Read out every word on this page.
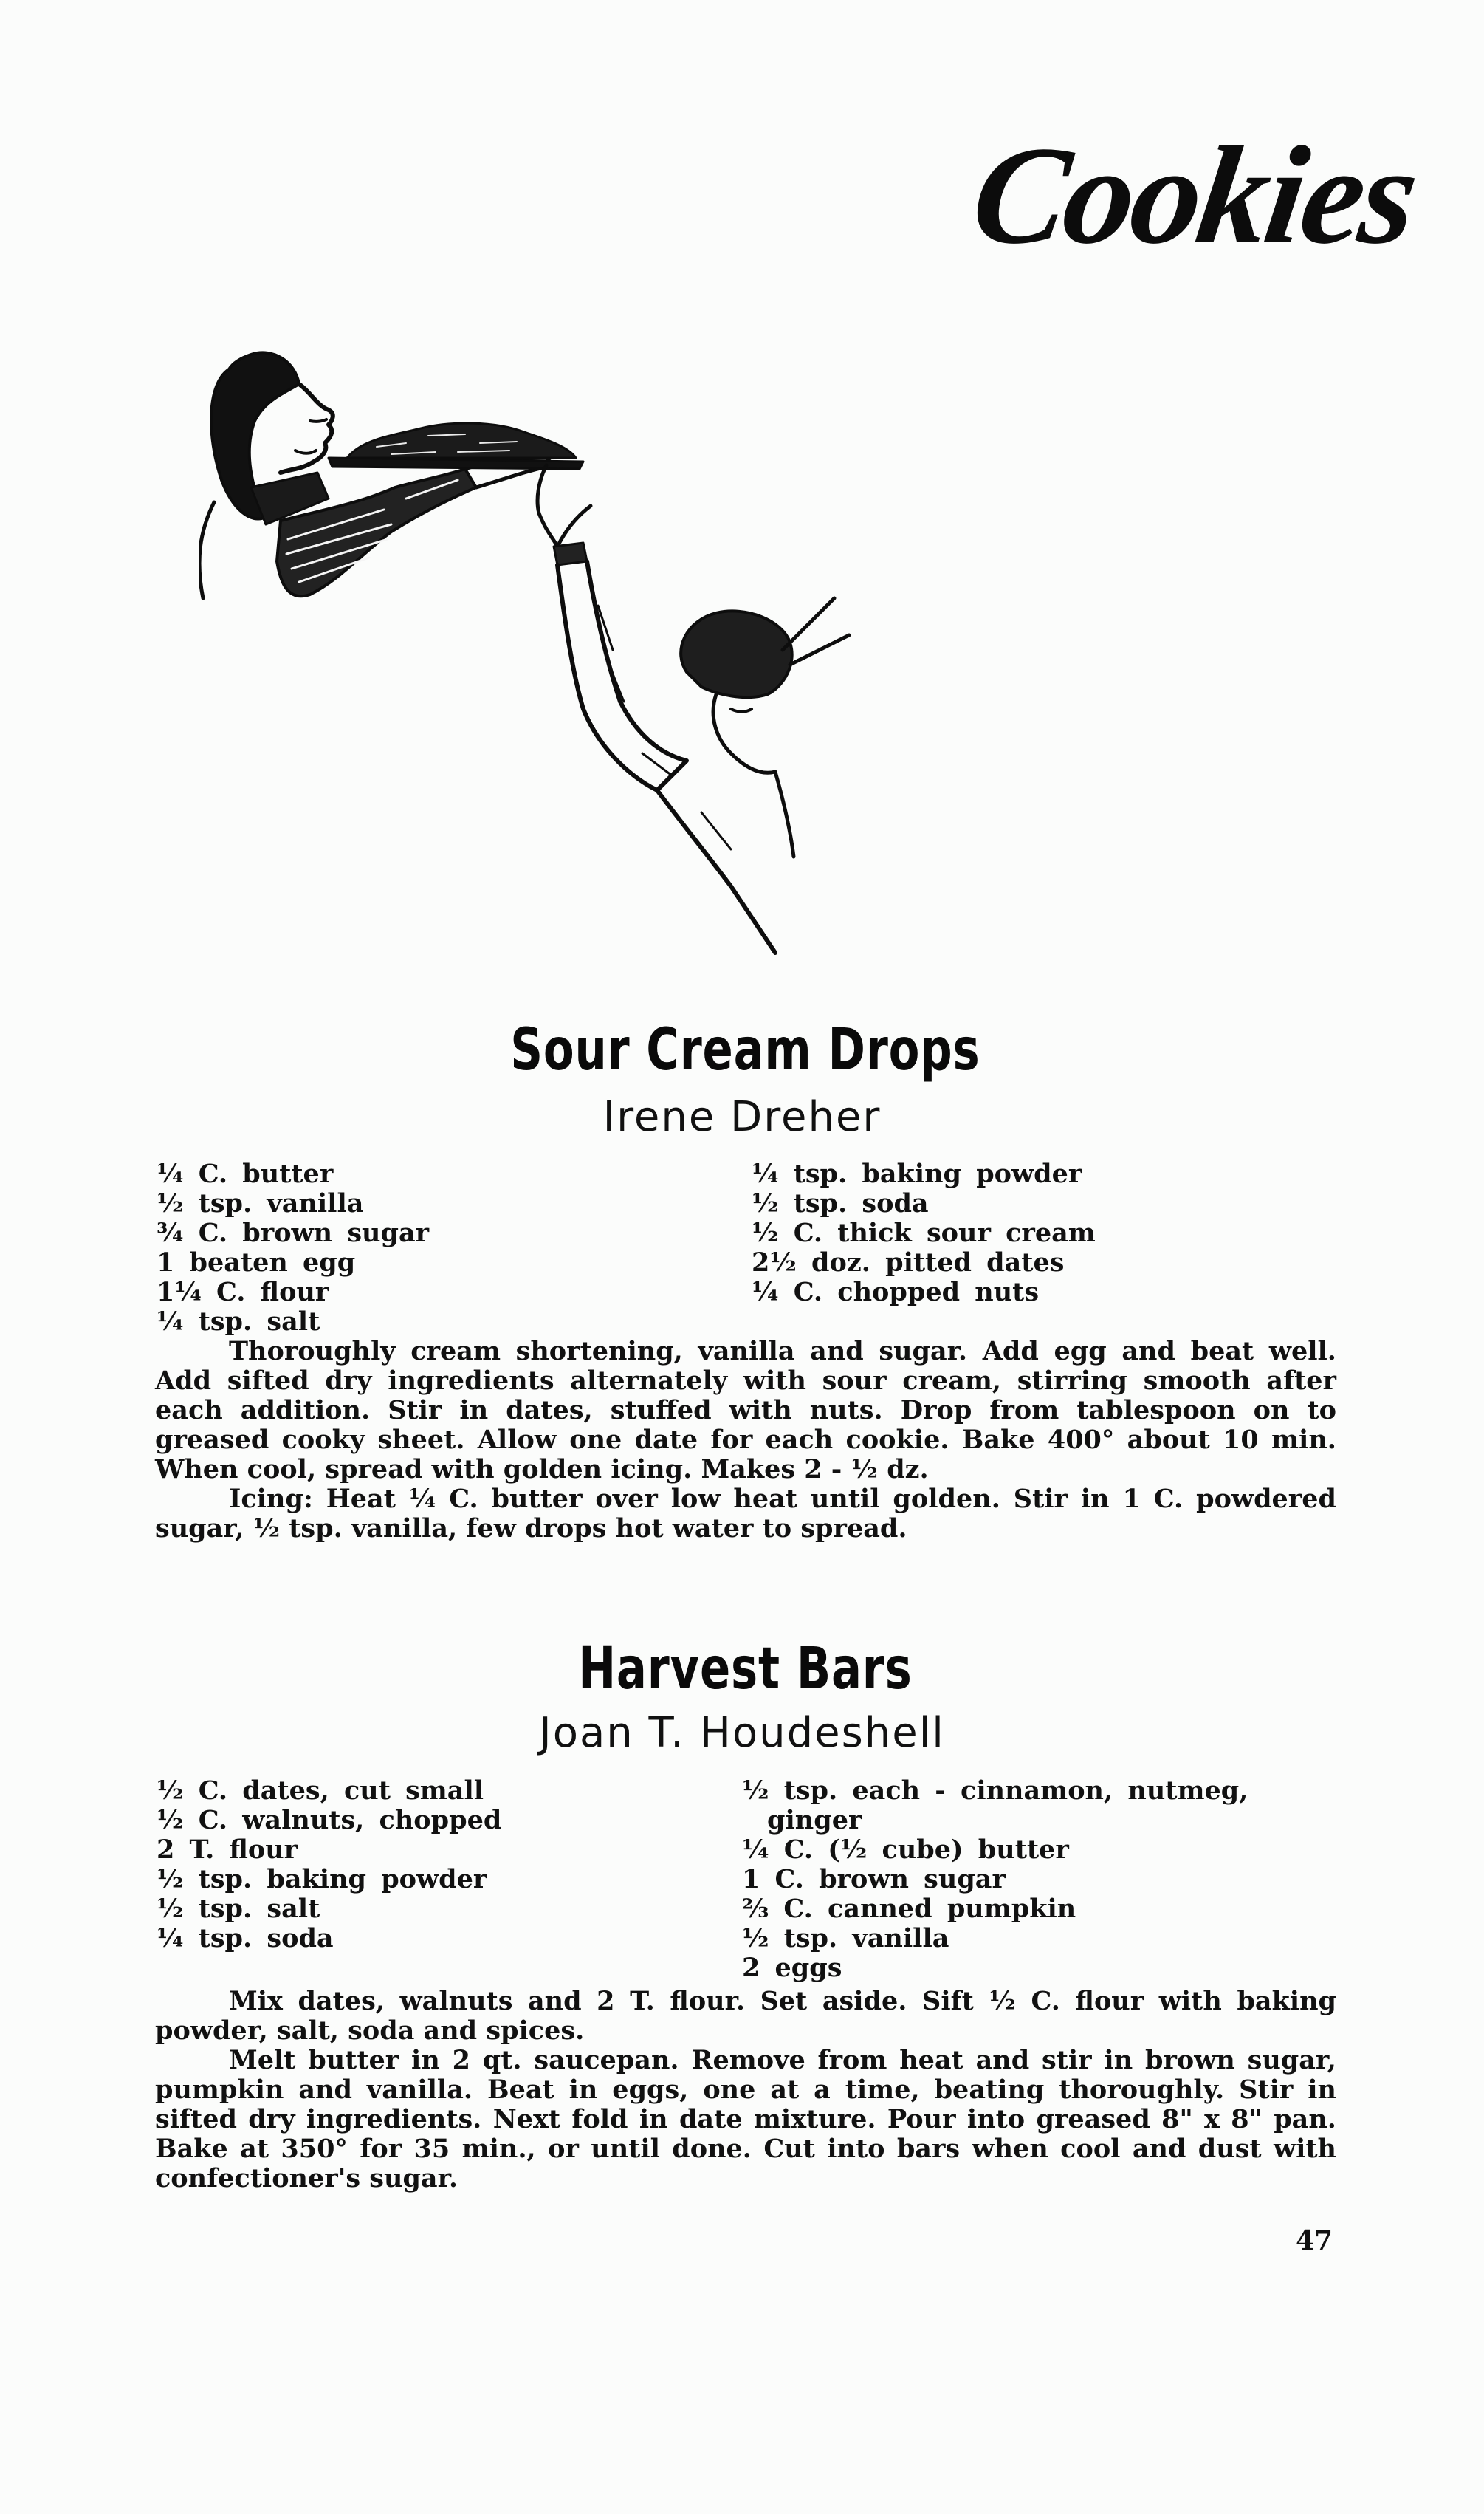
Cookies
Sour Cream Drops
Irene Dreher
¼ C. butter
½ tsp. vanilla
¾ C. brown sugar
1 beaten egg
1¼ C. flour
¼ tsp. salt
¼ tsp. baking powder
½ tsp. soda
½ C. thick sour cream
2½ doz. pitted dates
¼ C. chopped nuts

Thoroughly cream shortening, vanilla and sugar. Add egg and beat well. Add sifted dry ingredients alternately with sour cream, stirring smooth after each addition. Stir in dates, stuffed with nuts. Drop from tablespoon on to greased cooky sheet. Allow one date for each cookie. Bake 400° about 10 min. When cool, spread with golden icing. Makes 2 - ½ dz.

Icing: Heat ¼ C. butter over low heat until golden. Stir in 1 C. powdered sugar, ½ tsp. vanilla, few drops hot water to spread.

Harvest Bars
Joan T. Houdeshell
½ C. dates, cut small
½ C. walnuts, chopped
2 T. flour
½ tsp. baking powder
½ tsp. salt
¼ tsp. soda
½ tsp. each - cinnamon, nutmeg,
ginger
¼ C. (½ cube) butter
1 C. brown sugar
⅔ C. canned pumpkin
½ tsp. vanilla
2 eggs

Mix dates, walnuts and 2 T. flour. Set aside. Sift ½ C. flour with baking powder, salt, soda and spices.

Melt butter in 2 qt. saucepan. Remove from heat and stir in brown sugar, pumpkin and vanilla. Beat in eggs, one at a time, beating thoroughly. Stir in sifted dry ingredients. Next fold in date mixture. Pour into greased 8" x 8" pan. Bake at 350° for 35 min., or until done. Cut into bars when cool and dust with confectioner's sugar.

47
